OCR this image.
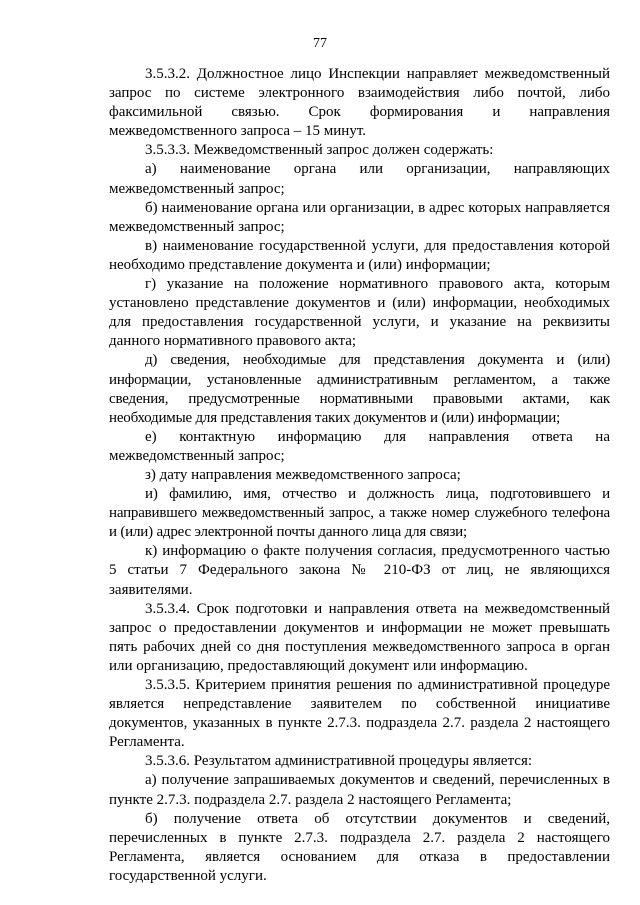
77

3.5.3.2. Должностное лицо Инспекции направляет межведомственный запрос по системе электронного взаимодействия либо почтой, либо факсимильной связью. Срок формирования и направления межведомственного запроса – 15 минут.

3.5.3.3. Межведомственный запрос должен содержать:

а) наименование органа или организации, направляющих межведомственный запрос;

б) наименование органа или организации, в адрес которых направляется межведомственный запрос;

в) наименование государственной услуги, для предоставления которой необходимо представление документа и (или) информации;

г) указание на положение нормативного правового акта, которым установлено представление документов и (или) информации, необходимых для предоставления государственной услуги, и указание на реквизиты данного нормативного правового акта;

д) сведения, необходимые для представления документа и (или) информации, установленные административным регламентом, а также сведения, предусмотренные нормативными правовыми актами, как необходимые для представления таких документов и (или) информации;

е) контактную информацию для направления ответа на межведомственный запрос;

з) дату направления межведомственного запроса;

и) фамилию, имя, отчество и должность лица, подготовившего и направившего межведомственный запрос, а также номер служебного телефона и (или) адрес электронной почты данного лица для связи;

к) информацию о факте получения согласия, предусмотренного частью 5 статьи 7 Федерального закона № 210-ФЗ от лиц, не являющихся заявителями.

3.5.3.4. Срок подготовки и направления ответа на межведомственный запрос о предоставлении документов и информации не может превышать пять рабочих дней со дня поступления межведомственного запроса в орган или организацию, предоставляющий документ или информацию.

3.5.3.5. Критерием принятия решения по административной процедуре является непредставление заявителем по собственной инициативе документов, указанных в пункте 2.7.3. подраздела 2.7. раздела 2 настоящего Регламента.

3.5.3.6. Результатом административной процедуры является:

а) получение запрашиваемых документов и сведений, перечисленных в пункте 2.7.3. подраздела 2.7. раздела 2 настоящего Регламента;

б) получение ответа об отсутствии документов и сведений, перечисленных в пункте 2.7.3. подраздела 2.7. раздела 2 настоящего Регламента, является основанием для отказа в предоставлении государственной услуги.
